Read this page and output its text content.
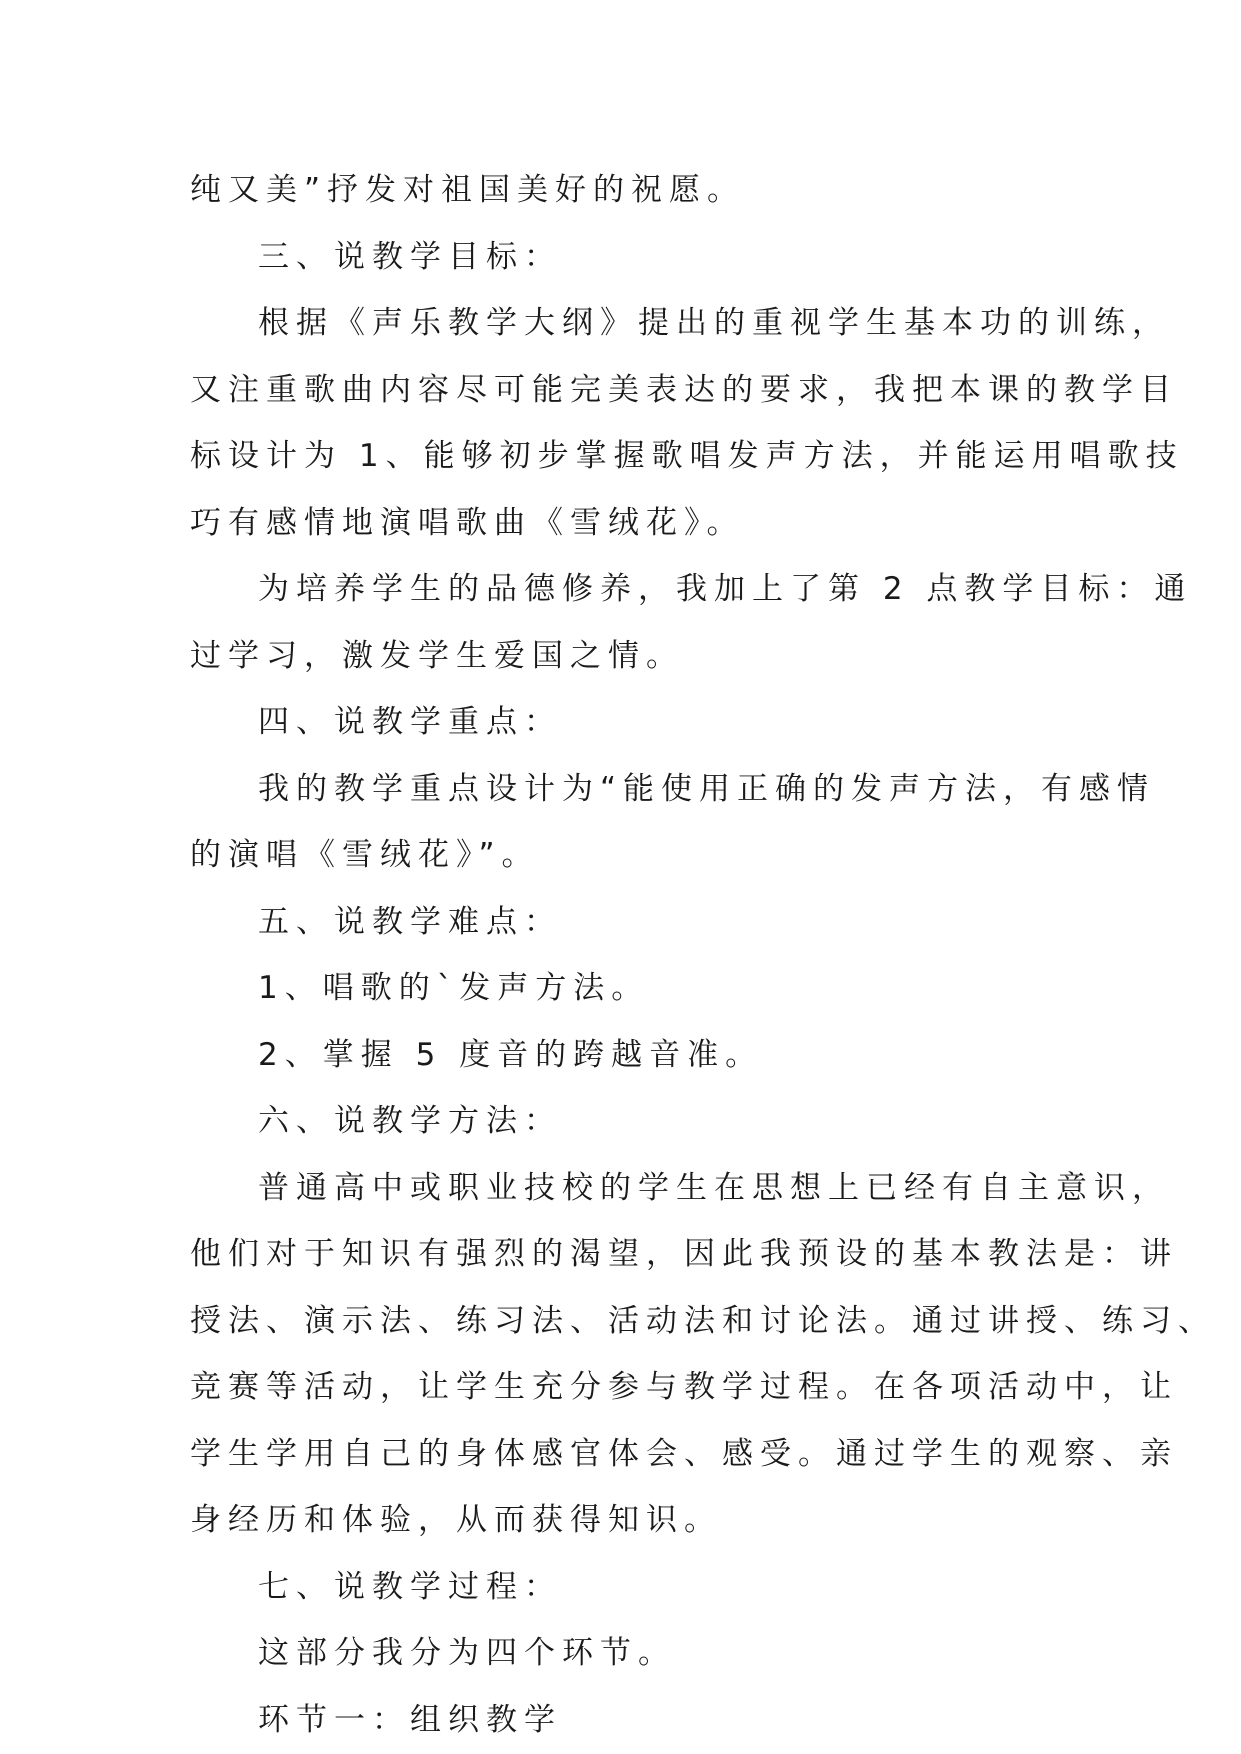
纯又美”抒发对祖国美好的祝愿。
三、说教学目标：
根据《声乐教学大纲》提出的重视学生基本功的训练，
又注重歌曲内容尽可能完美表达的要求，我把本课的教学目
标设计为 1、能够初步掌握歌唱发声方法，并能运用唱歌技
巧有感情地演唱歌曲《雪绒花》。
为培养学生的品德修养，我加上了第 2 点教学目标：通
过学习，激发学生爱国之情。
四、说教学重点：
我的教学重点设计为“能使用正确的发声方法，有感情
的演唱《雪绒花》”。
五、说教学难点：
1、唱歌的`发声方法。
2、掌握 5 度音的跨越音准。
六、说教学方法：
普通高中或职业技校的学生在思想上已经有自主意识，
他们对于知识有强烈的渴望，因此我预设的基本教法是：讲
授法、演示法、练习法、活动法和讨论法。通过讲授、练习、
竞赛等活动，让学生充分参与教学过程。在各项活动中，让
学生学用自己的身体感官体会、感受。通过学生的观察、亲
身经历和体验，从而获得知识。
七、说教学过程：
这部分我分为四个环节。
环节一：组织教学
